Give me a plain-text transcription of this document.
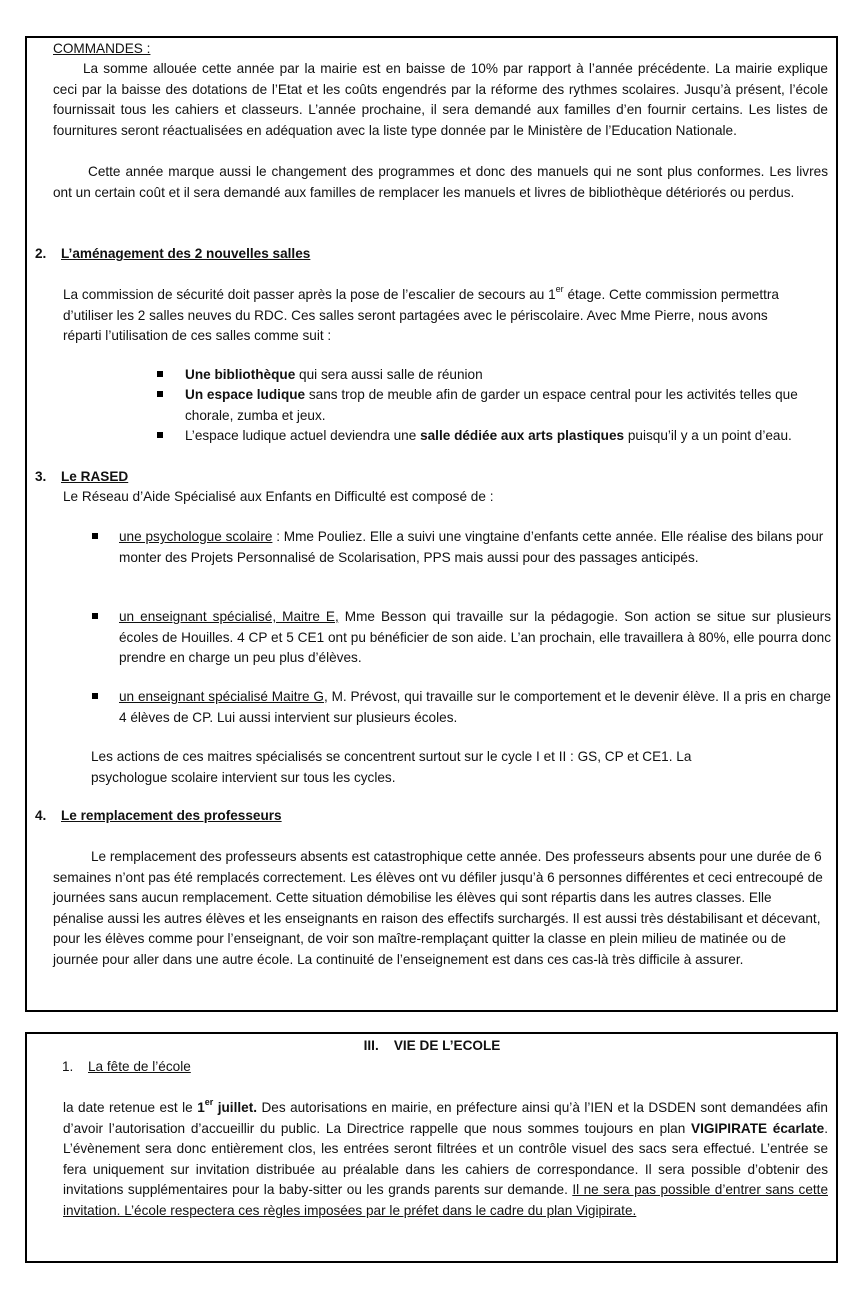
COMMANDES :

La somme allouée cette année par la mairie est en baisse de 10% par rapport à l’année précédente. La mairie explique ceci par la baisse des dotations de l’Etat et les coûts engendrés par la réforme des rythmes scolaires. Jusqu’à présent, l’école fournissait tous les cahiers et classeurs. L’année prochaine, il sera demandé aux familles d’en fournir certains. Les listes de fournitures seront réactualisées en adéquation avec la liste type donnée par le Ministère de l’Education Nationale.

Cette année marque aussi le changement des programmes et donc des manuels qui ne sont plus conformes. Les livres ont un certain coût et il sera demandé aux familles de remplacer les manuels et livres de bibliothèque détériorés ou perdus.

2. L’aménagement des 2 nouvelles salles

La commission de sécurité doit passer après la pose de l’escalier de secours au 1er étage. Cette commission permettra d’utiliser les 2 salles neuves du RDC. Ces salles seront partagées avec le périscolaire. Avec Mme Pierre, nous avons réparti l’utilisation de ces salles comme suit :

Une bibliothèque qui sera aussi salle de réunion

Un espace ludique sans trop de meuble afin de garder un espace central pour les activités telles que chorale, zumba et jeux.

L’espace ludique actuel deviendra une salle dédiée aux arts plastiques puisqu’il y a un point d’eau.

3. Le RASED

Le Réseau d’Aide Spécialisé aux Enfants en Difficulté est composé de :

une psychologue scolaire : Mme Pouliez. Elle a suivi une vingtaine d’enfants cette année. Elle réalise des bilans pour monter des Projets Personnalisé de Scolarisation, PPS mais aussi pour des passages anticipés.

un enseignant spécialisé, Maitre E, Mme Besson qui travaille sur la pédagogie. Son action se situe sur plusieurs écoles de Houilles. 4 CP et 5 CE1 ont pu bénéficier de son aide. L’an prochain, elle travaillera à 80%, elle pourra donc prendre en charge un peu plus d’élèves.

un enseignant spécialisé Maitre G, M. Prévost, qui travaille sur le comportement et le devenir élève. Il a pris en charge 4 élèves de CP. Lui aussi intervient sur plusieurs écoles.

Les actions de ces maitres spécialisés se concentrent surtout sur le cycle I et II : GS, CP et CE1. La psychologue scolaire intervient sur tous les cycles.

4. Le remplacement des professeurs

Le remplacement des professeurs absents est catastrophique cette année. Des professeurs absents pour une durée de 6 semaines n’ont pas été remplacés correctement. Les élèves ont vu défiler jusqu’à 6 personnes différentes et ceci entrecoupé de journées sans aucun remplacement. Cette situation démobilise les élèves qui sont répartis dans les autres classes. Elle pénalise aussi les autres élèves et les enseignants en raison des effectifs surchargés. Il est aussi très déstabilisant et décevant, pour les élèves comme pour l’enseignant, de voir son maître-remplaçant quitter la classe en plein milieu de matinée ou de journée pour aller dans une autre école. La continuité de l’enseignement est dans ces cas-là très difficile à assurer.

III.    VIE DE L’ECOLE
1. La fête de l’école

la date retenue est le 1er juillet. Des autorisations en mairie, en préfecture ainsi qu’à l’IEN et la DSDEN sont demandées afin d’avoir l’autorisation d’accueillir du public. La Directrice rappelle que nous sommes toujours en plan VIGIPIRATE écarlate. L’évènement sera donc entièrement clos, les entrées seront filtrées et un contrôle visuel des sacs sera effectué. L’entrée se fera uniquement sur invitation distribuée au préalable dans les cahiers de correspondance. Il sera possible d’obtenir des invitations supplémentaires pour la baby-sitter ou les grands parents sur demande. Il ne sera pas possible d’entrer sans cette invitation. L’école respectera ces règles imposées par le préfet dans le cadre du plan Vigipirate.
